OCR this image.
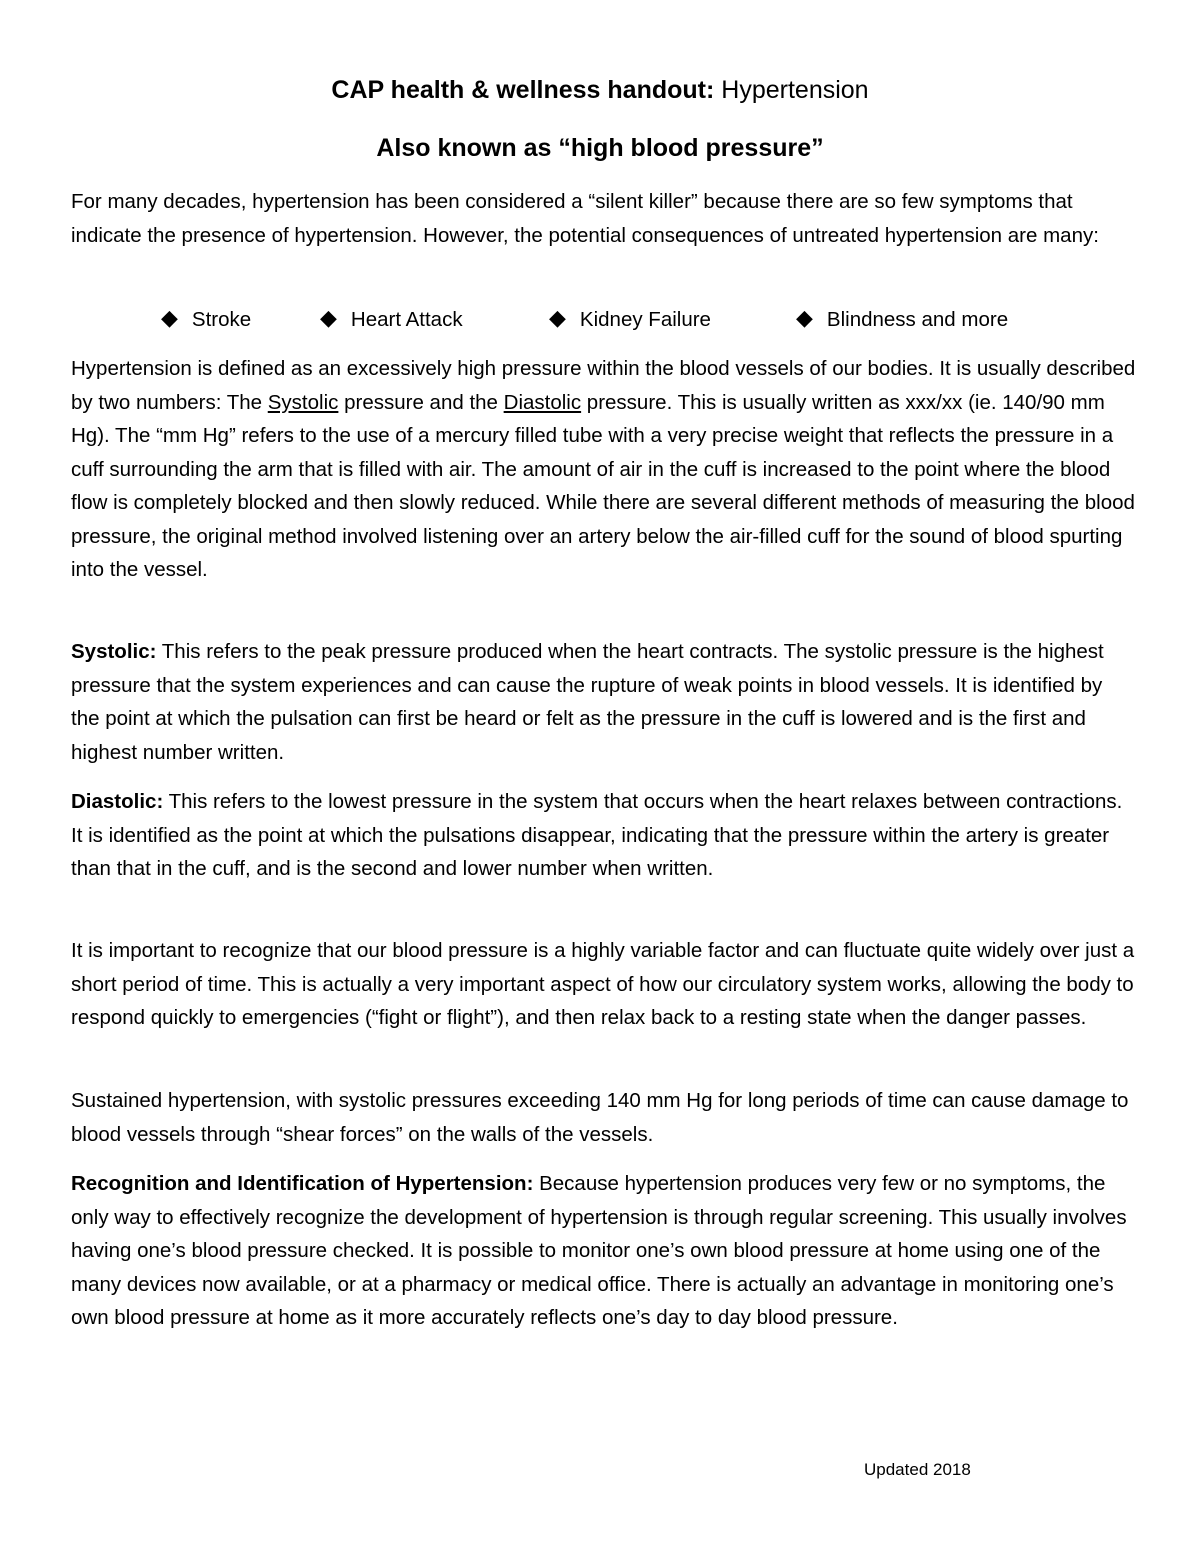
CAP health & wellness handout: Hypertension
Also known as “high blood pressure”

For many decades, hypertension has been considered a “silent killer” because there are so few symptoms that indicate the presence of hypertension. However, the potential consequences of untreated hypertension are many:

◆ Stroke	◆ Heart Attack	◆ Kidney Failure	◆ Blindness and more

Hypertension is defined as an excessively high pressure within the blood vessels of our bodies. It is usually described by two numbers: The Systolic pressure and the Diastolic pressure. This is usually written as xxx/xx (ie. 140/90 mm Hg). The “mm Hg” refers to the use of a mercury filled tube with a very precise weight that reflects the pressure in a cuff surrounding the arm that is filled with air. The amount of air in the cuff is increased to the point where the blood flow is completely blocked and then slowly reduced. While there are several different methods of measuring the blood pressure, the original method involved listening over an artery below the air-filled cuff for the sound of blood spurting into the vessel.

Systolic: This refers to the peak pressure produced when the heart contracts. The systolic pressure is the highest pressure that the system experiences and can cause the rupture of weak points in blood vessels. It is identified by the point at which the pulsation can first be heard or felt as the pressure in the cuff is lowered and is the first and highest number written.

Diastolic: This refers to the lowest pressure in the system that occurs when the heart relaxes between contractions. It is identified as the point at which the pulsations disappear, indicating that the pressure within the artery is greater than that in the cuff, and is the second and lower number when written.

It is important to recognize that our blood pressure is a highly variable factor and can fluctuate quite widely over just a short period of time. This is actually a very important aspect of how our circulatory system works, allowing the body to respond quickly to emergencies (“fight or flight”), and then relax back to a resting state when the danger passes.

Sustained hypertension, with systolic pressures exceeding 140 mm Hg for long periods of time can cause damage to blood vessels through “shear forces” on the walls of the vessels.

Recognition and Identification of Hypertension: Because hypertension produces very few or no symptoms, the only way to effectively recognize the development of hypertension is through regular screening. This usually involves having one’s blood pressure checked. It is possible to monitor one’s own blood pressure at home using one of the many devices now available, or at a pharmacy or medical office. There is actually an advantage in monitoring one’s own blood pressure at home as it more accurately reflects one’s day to day blood pressure.

Updated 2018
